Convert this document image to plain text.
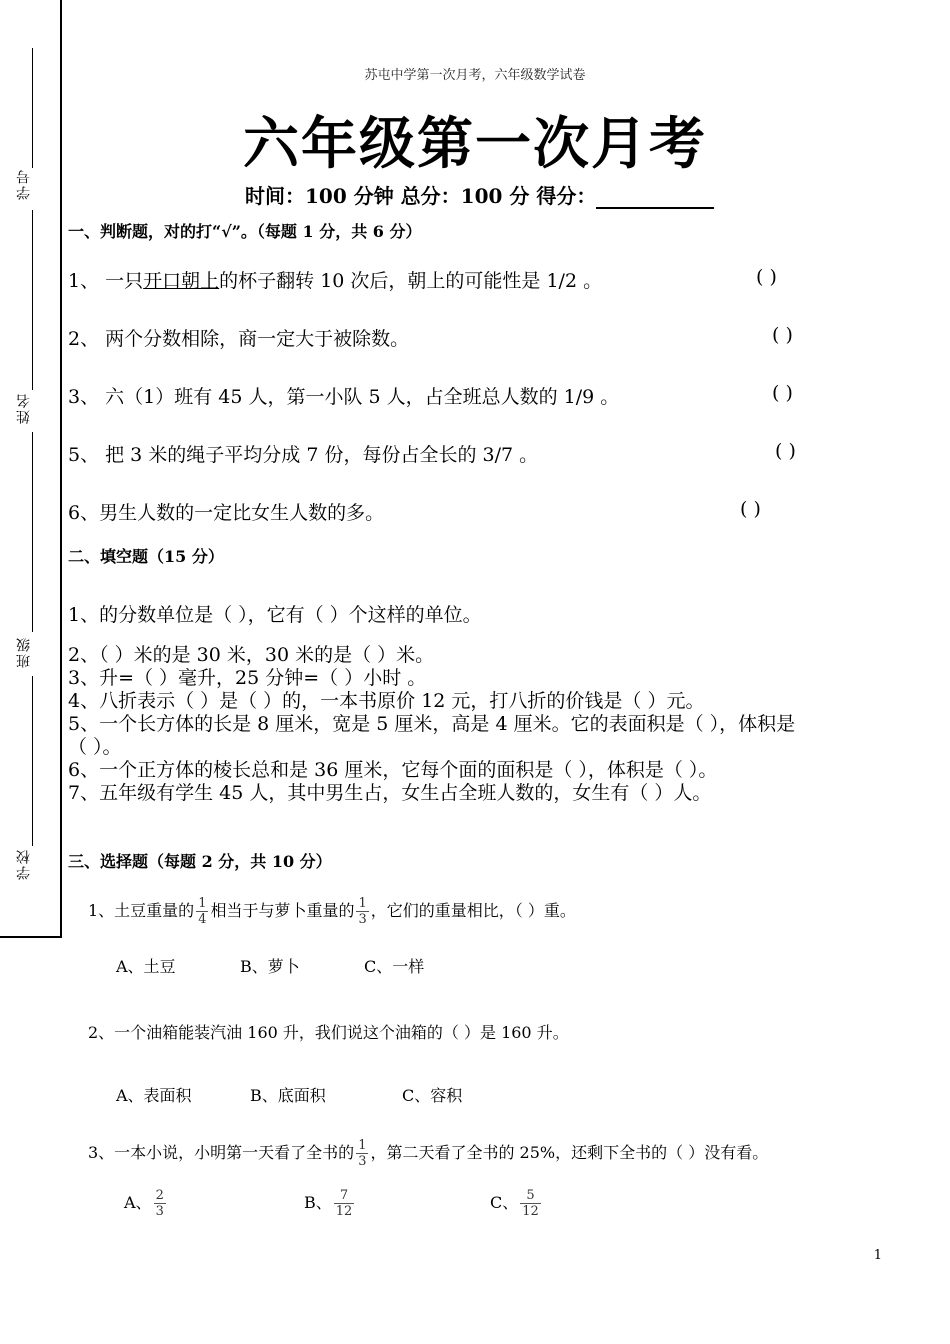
学号
姓名
班级
学校
苏屯中学第一次月考，六年级数学试卷
六年级第一次月考
时间：100 分钟 总分：100 分 得分：
一、判断题，对的打“√”。（每题 1 分，共 6 分）
1、 一只开口朝上的杯子翻转 10 次后，朝上的可能性是 1/2 。	( )
2、 两个分数相除，商一定大于被除数。	( )
3、 六（1）班有 45 人，第一小队 5 人，占全班总人数的 1/9 。	( )
5、 把 3 米的绳子平均分成 7 份，每份占全长的 3/7 。	( )
6、男生人数的一定比女生人数的多。	( )
二、填空题（15 分）
1、的分数单位是（ ），它有（ ）个这样的单位。
2、（ ）米的是 30 米，30 米的是（ ）米。
3、升=（ ）毫升，25 分钟=（ ）小时 。
4、八折表示（ ）是（ ）的，一本书原价 12 元，打八折的价钱是（ ）元。
5、一个长方体的长是 8 厘米，宽是 5 厘米，高是 4 厘米。它的表面积是（ ），体积是
（ ）。
6、一个正方体的棱长总和是 36 厘米，它每个面的面积是（ ），体积是（ ）。
7、五年级有学生 45 人，其中男生占，女生占全班人数的，女生有（ ）人。
三、选择题（每题 2 分，共 10 分）
1、土豆重量的 $\frac{1}{4}$ 相当于与萝卜重量的 $\frac{1}{3}$ ，它们的重量相比，（ ）重。
A、土豆	B、萝卜	C、一样
2、一个油箱能装汽油 160 升，我们说这个油箱的（ ）是 160 升。
A、表面积	B、底面积	C、容积
3、一本小说，小明第一天看了全书的 $\frac{1}{3}$ ，第二天看了全书的 25%，还剩下全书的（ ）没有看。
A、 $\frac{2}{3}$	B、 $\frac{7}{12}$	C、 $\frac{5}{12}$
1
